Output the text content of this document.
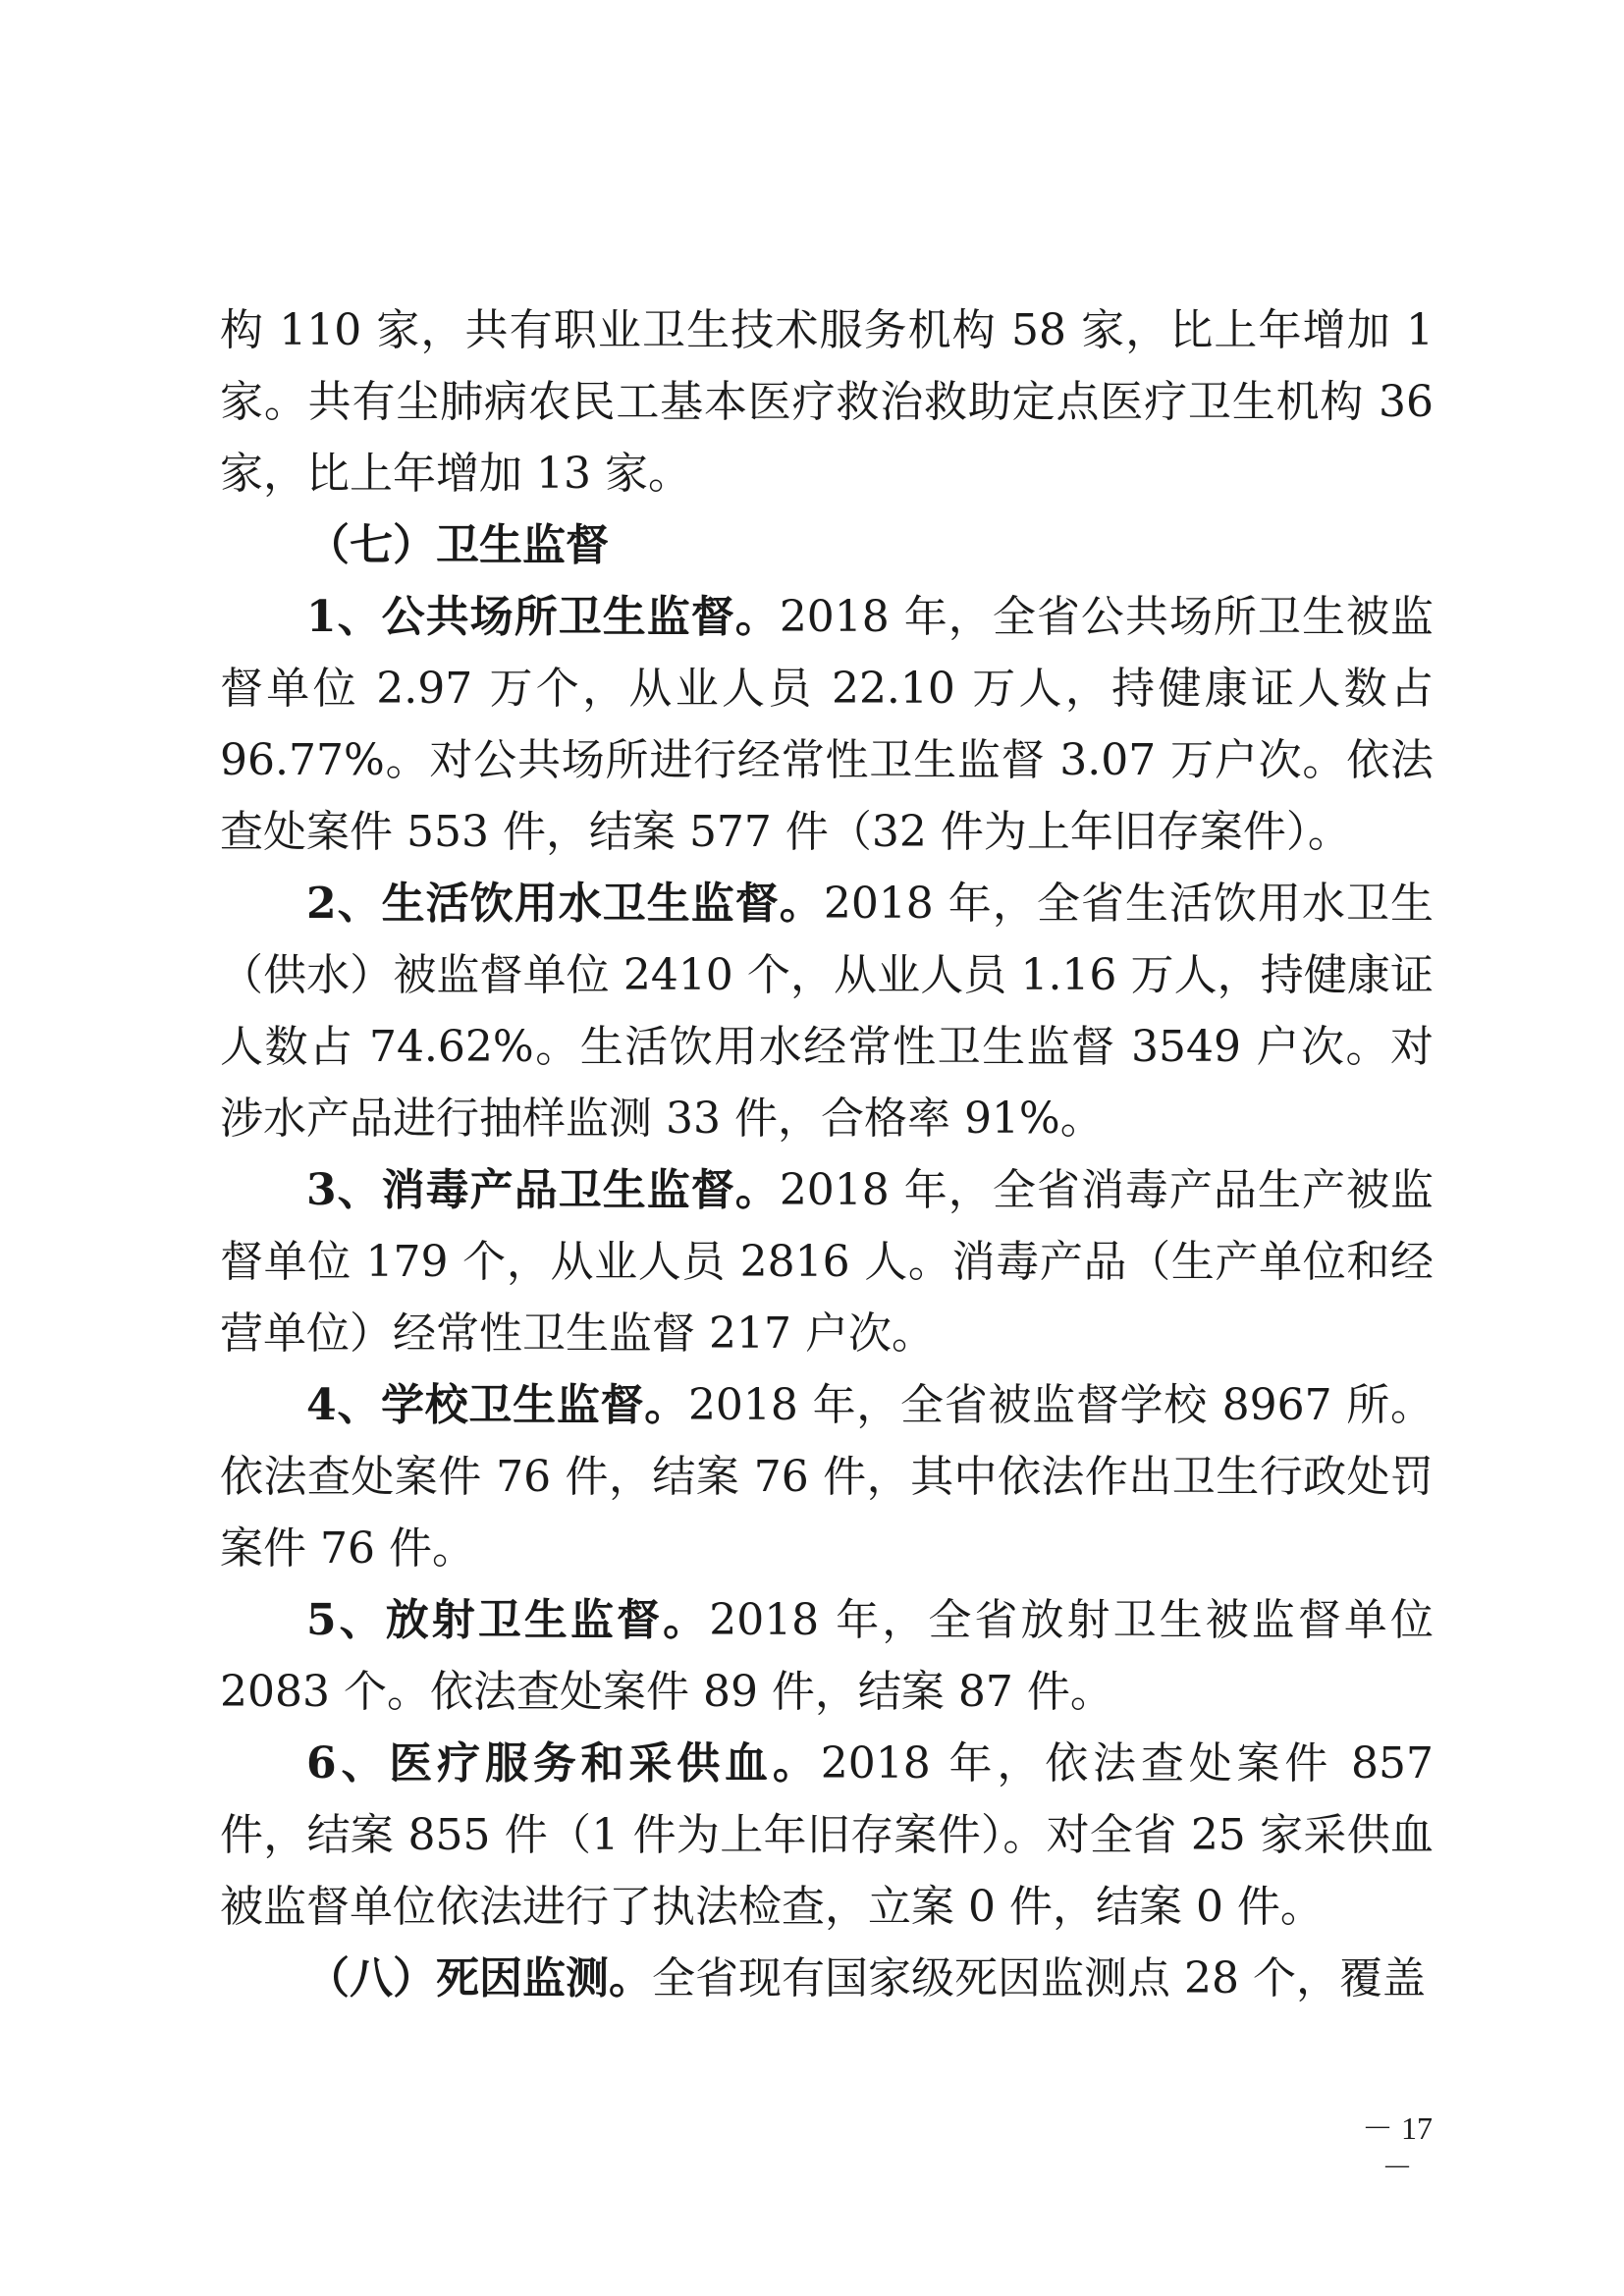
构 110 家，共有职业卫生技术服务机构 58 家，比上年增加 1 家。共有尘肺病农民工基本医疗救治救助定点医疗卫生机构 36 家，比上年增加 13 家。

（七）卫生监督

1、公共场所卫生监督。2018 年，全省公共场所卫生被监督单位 2.97 万个，从业人员 22.10 万人，持健康证人数占 96.77%。对公共场所进行经常性卫生监督 3.07 万户次。依法查处案件 553 件，结案 577 件（32 件为上年旧存案件）。

2、生活饮用水卫生监督。2018 年，全省生活饮用水卫生（供水）被监督单位 2410 个，从业人员 1.16 万人，持健康证人数占 74.62%。生活饮用水经常性卫生监督 3549 户次。对涉水产品进行抽样监测 33 件，合格率 91%。

3、消毒产品卫生监督。2018 年，全省消毒产品生产被监督单位 179 个，从业人员 2816 人。消毒产品（生产单位和经营单位）经常性卫生监督 217 户次。

4、学校卫生监督。2018 年，全省被监督学校 8967 所。依法查处案件 76 件，结案 76 件，其中依法作出卫生行政处罚案件 76 件。

5、放射卫生监督。2018 年，全省放射卫生被监督单位 2083 个。依法查处案件 89 件，结案 87 件。

6、医疗服务和采供血。2018 年，依法查处案件 857 件，结案 855 件（1 件为上年旧存案件）。对全省 25 家采供血被监督单位依法进行了执法检查，立案 0 件，结案 0 件。

（八）死因监测。全省现有国家级死因监测点 28 个，覆盖

－ 17 －
